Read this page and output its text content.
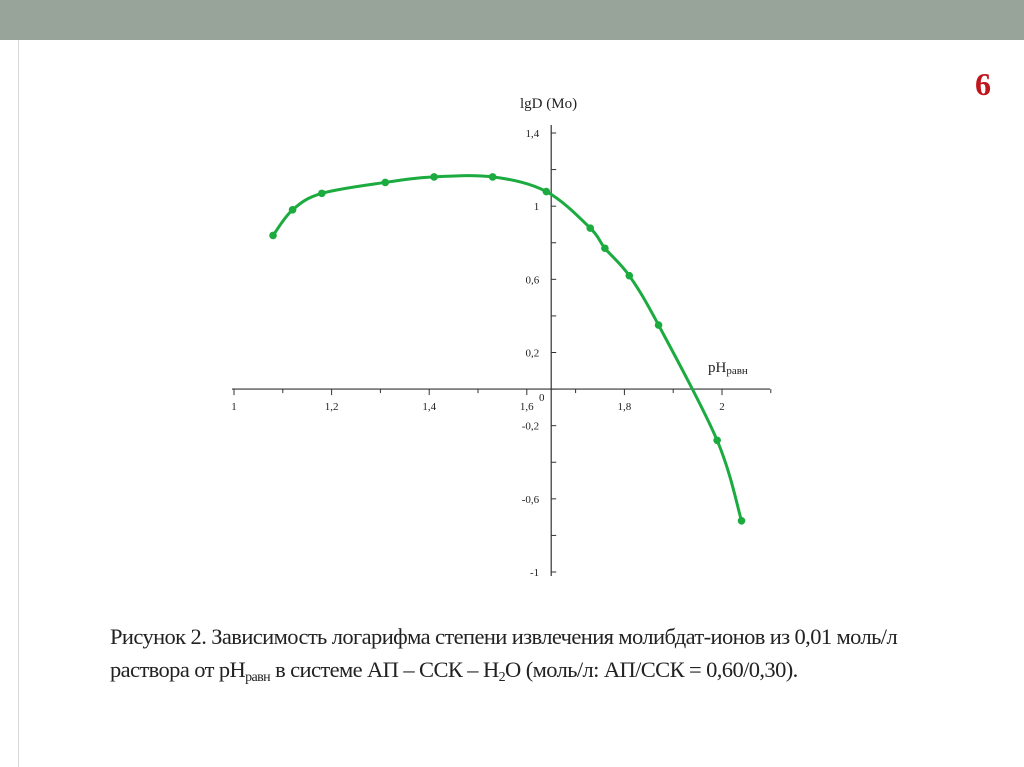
6
1	1,2	1,4	1,6	1,8	2
1,4
1
0,6
0,2
-0,2
-0,6
-1
lgD (Mo)
pHравн
0

Рисунок 2. Зависимость логарифма степени извлечения молибдат-ионов из 0,01 моль/л

раствора от $pH_{равн}$ в системе АП – ССК – $H_2O$ (моль/л: АП/ССК = 0,60/0,30).
